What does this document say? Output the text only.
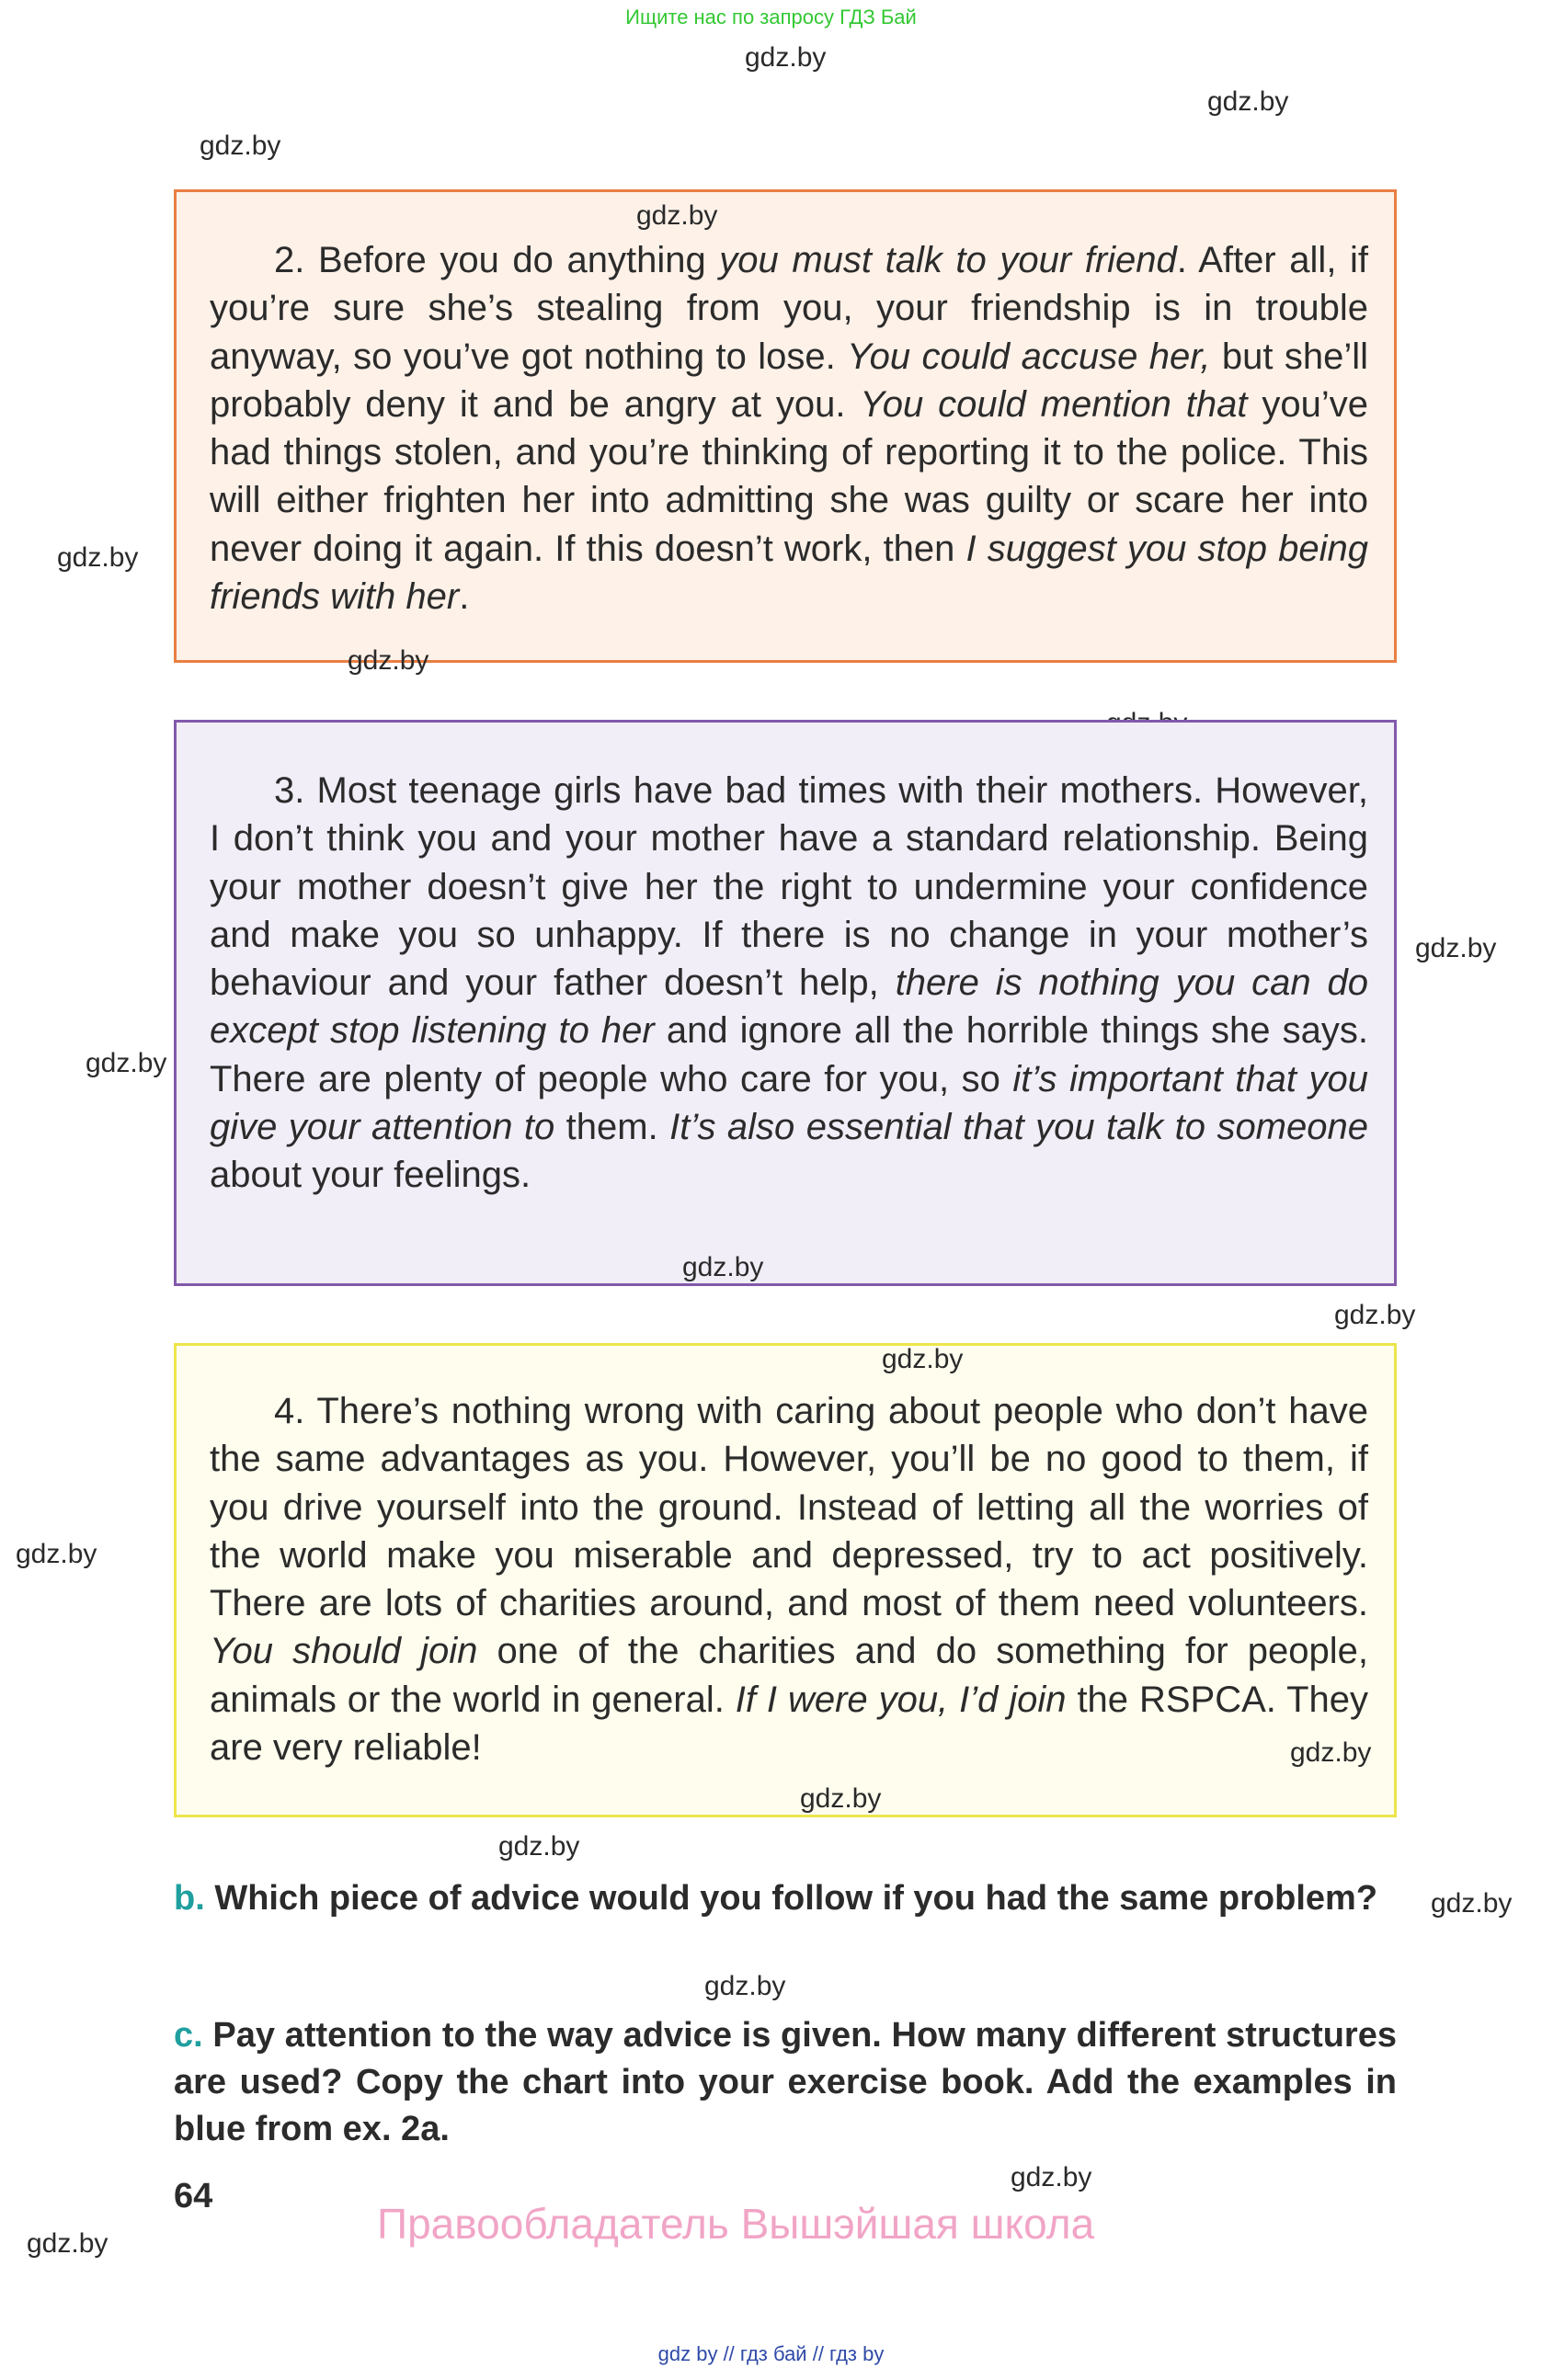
Ищите нас по запросу ГДЗ Бай
gdz.by
gdz.by
gdz.by

2. Before you do anything you must talk to your friend. After all, if you’re sure she’s stealing from you, your friendship is in trouble anyway, so you’ve got nothing to lose. You could accuse her, but she’ll probably deny it and be angry at you. You could mention that you’ve had things stolen, and you’re thinking of reporting it to the police. This will either frighten her into admitting she was guilty or scare her into never doing it again. If this doesn’t work, then I suggest you stop being friends with her.

gdz.by
gdz.by
gdz.by

3. Most teenage girls have bad times with their mothers. However, I don’t think you and your mother have a standard relationship. Being your mother doesn’t give her the right to undermine your confidence and make you so unhappy. If there is no change in your mother’s behaviour and your father doesn’t help, there is nothing you can do except stop listening to her and ignore all the horrible things she says. There are plenty of people who care for you, so it’s important that you give your attention to them. It’s also essential that you talk to someone about your feelings.

gdz.by
gdz.by
gdz.by
gdz.by

4. There’s nothing wrong with caring about people who don’t have the same advantages as you. However, you’ll be no good to them, if you drive yourself into the ground. Instead of letting all the worries of the world make you miserable and depressed, try to act positively. There are lots of charities around, and most of them need volunteers. You should join one of the charities and do something for people, animals or the world in general. If I were you, I’d join the RSPCA. They are very reliable!

gdz.by
gdz.by
gdz.by
gdz.by
gdz.by

b. Which piece of advice would you follow if you had the same problem?	gdz.by
gdz.by

c. Pay attention to the way advice is given. How many different structures are used? Copy the chart into your exercise book. Add the examples in blue from ex. 2a.

gdz.by
64
Правообладатель Вышэйшая школа
gdz.by
gdz by // гдз бай // гдз by
